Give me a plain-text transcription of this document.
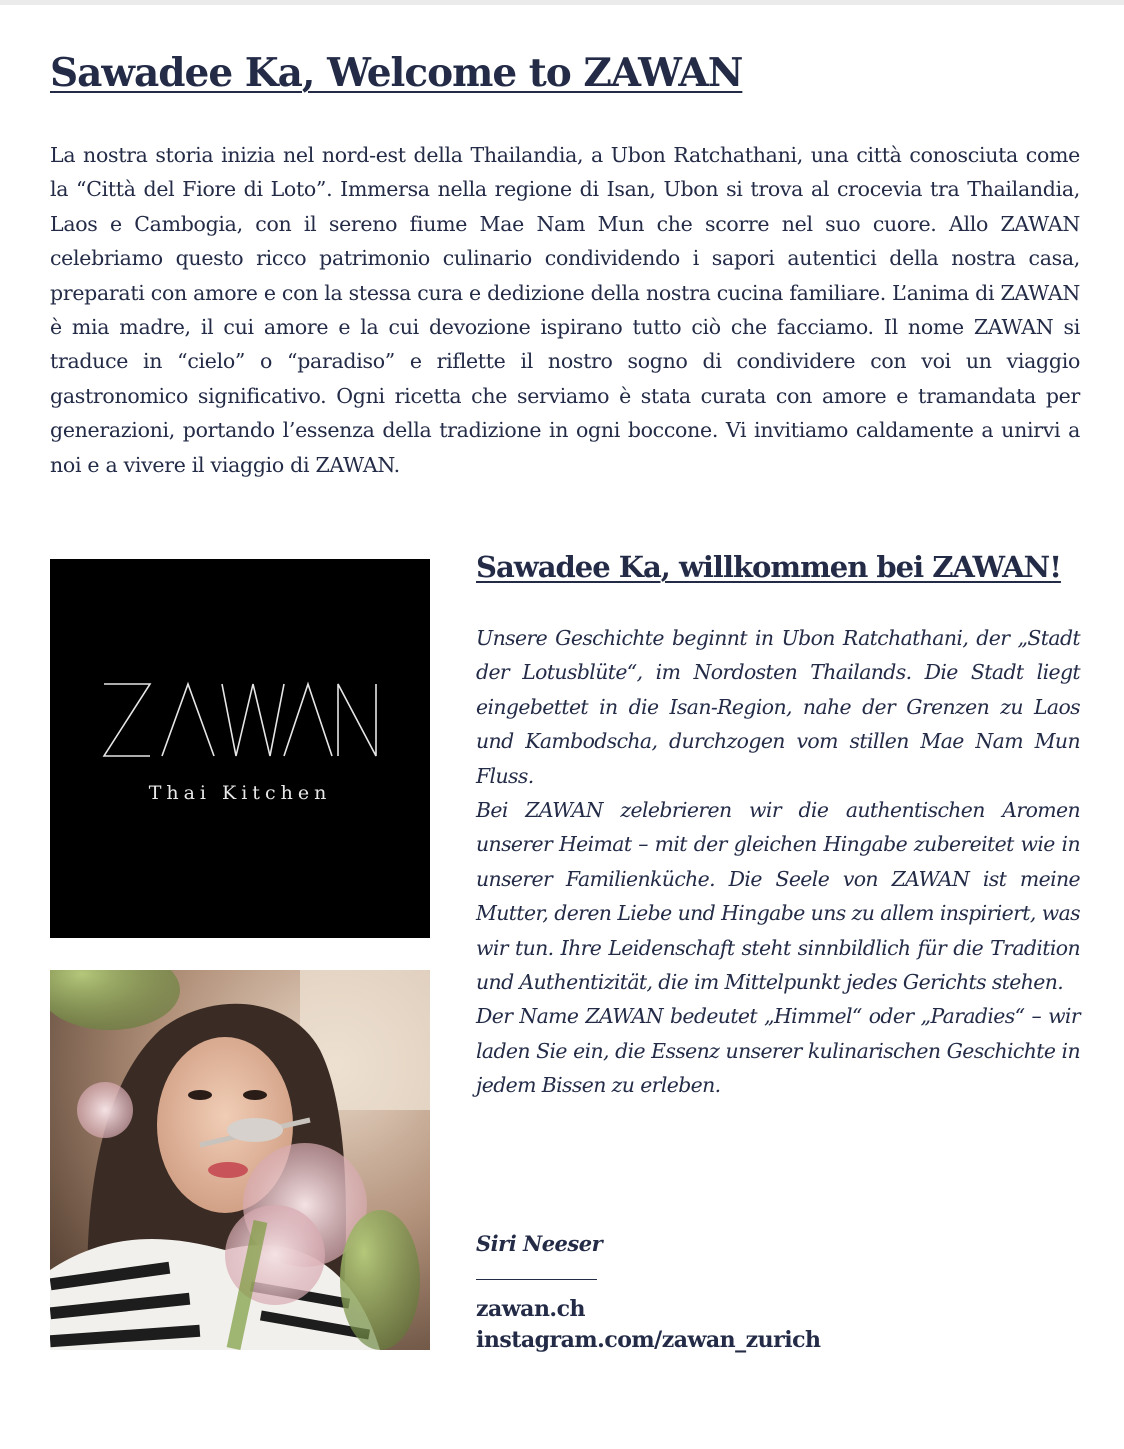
Sawadee Ka, Welcome to ZAWAN

La nostra storia inizia nel nord-est della Thailandia, a Ubon Ratchathani, una città conosciuta come la “Città del Fiore di Loto”. Immersa nella regione di Isan, Ubon si trova al crocevia tra Thailandia, Laos e Cambogia, con il sereno fiume Mae Nam Mun che scorre nel suo cuore. Allo ZAWAN celebriamo questo ricco patrimonio culinario condividendo i sapori autentici della nostra casa, preparati con amore e con la stessa cura e dedizione della nostra cucina familiare. L’anima di ZAWAN è mia madre, il cui amore e la cui devozione ispirano tutto ciò che facciamo. Il nome ZAWAN si traduce in “cielo” o “paradiso” e riflette il nostro sogno di condividere con voi un viaggio gastronomico significativo. Ogni ricetta che serviamo è stata curata con amore e tramandata per generazioni, portando l’essenza della tradizione in ogni boccone. Vi invitiamo caldamente a unirvi a noi e a vivere il viaggio di ZAWAN.

Thai Kitchen
Sawadee Ka, willkommen bei ZAWAN!

Unsere Geschichte beginnt in Ubon Ratchathani, der „Stadt der Lotusblüte“, im Nordosten Thailands. Die Stadt liegt eingebettet in die Isan-Region, nahe der Grenzen zu Laos und Kambodscha, durchzogen vom stillen Mae Nam Mun Fluss.

Bei ZAWAN zelebrieren wir die authentischen Aromen unserer Heimat – mit der gleichen Hingabe zubereitet wie in unserer Familienküche. Die Seele von ZAWAN ist meine Mutter, deren Liebe und Hingabe uns zu allem inspiriert, was wir tun. Ihre Leidenschaft steht sinnbildlich für die Tradition und Authentizität, die im Mittelpunkt jedes Gerichts stehen.

Der Name ZAWAN bedeutet „Himmel“ oder „Paradies“ – wir laden Sie ein, die Essenz unserer kulinarischen Geschichte in jedem Bissen zu erleben.

Siri Neeser
zawan.ch
instagram.com/zawan_zurich
